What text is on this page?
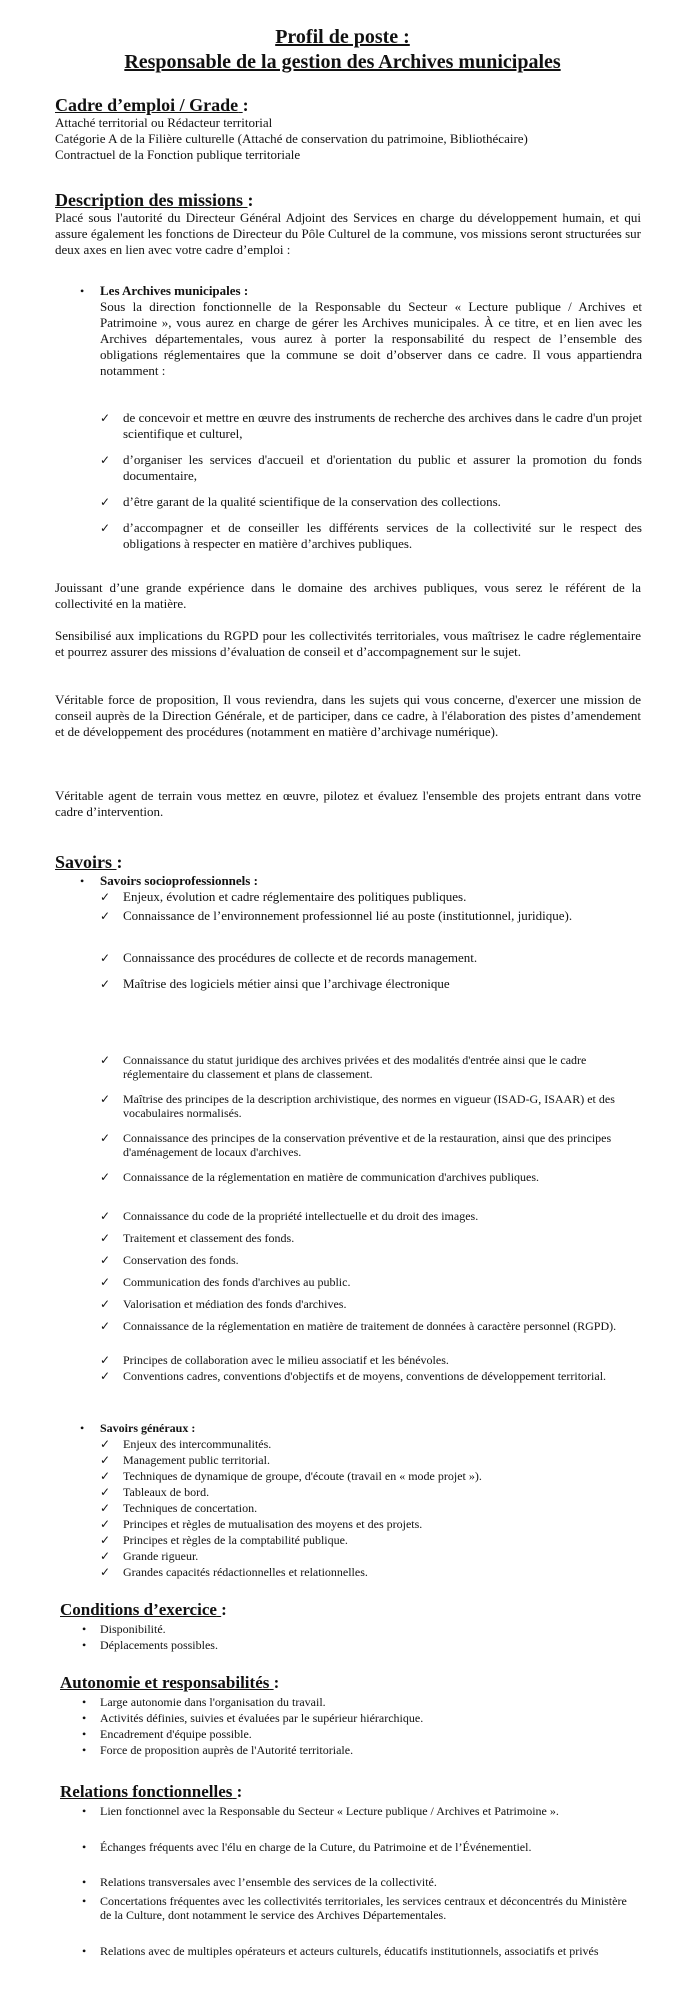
Profil de poste :
Responsable de la gestion des Archives municipales
Cadre d’emploi / Grade :
Attaché territorial ou Rédacteur territorial
Catégorie A de la Filière culturelle (Attaché de conservation du patrimoine, Bibliothécaire)
Contractuel de la Fonction publique territoriale
Description des missions :
Placé sous l'autorité du Directeur Général Adjoint des Services en charge du développement humain, et qui assure également les fonctions de Directeur du Pôle Culturel de la commune, vos missions seront structurées sur deux axes en lien avec votre cadre d’emploi :
• Les Archives municipales :
Sous la direction fonctionnelle de la Responsable du Secteur « Lecture publique / Archives et Patrimoine », vous aurez en charge de gérer les Archives municipales. À ce titre, et en lien avec les Archives départementales, vous aurez à porter la responsabilité du respect de l’ensemble des obligations réglementaires que la commune se doit d’observer dans ce cadre. Il vous appartiendra notamment :
✓ de concevoir et mettre en œuvre des instruments de recherche des archives dans le cadre d'un projet scientifique et culturel,
✓ d’organiser les services d'accueil et d'orientation du public et assurer la promotion du fonds documentaire,
✓ d’être garant de la qualité scientifique de la conservation des collections.
✓ d’accompagner et de conseiller les différents services de la collectivité sur le respect des obligations à respecter en matière d’archives publiques.
Jouissant d’une grande expérience dans le domaine des archives publiques, vous serez le référent de la collectivité en la matière.
Sensibilisé aux implications du RGPD pour les collectivités territoriales, vous maîtrisez le cadre réglementaire et pourrez assurer des missions d’évaluation de conseil et d’accompagnement sur le sujet.
Véritable force de proposition, Il vous reviendra, dans les sujets qui vous concerne, d'exercer une mission de conseil auprès de la Direction Générale, et de participer, dans ce cadre, à l'élaboration des pistes d’amendement et de développement des procédures (notamment en matière d’archivage numérique).
Véritable agent de terrain vous mettez en œuvre, pilotez et évaluez l'ensemble des projets entrant dans votre cadre d’intervention.
Savoirs :
• Savoirs socioprofessionnels :
✓ Enjeux, évolution et cadre réglementaire des politiques publiques.
✓ Connaissance de l’environnement professionnel lié au poste (institutionnel, juridique).
✓ Connaissance des procédures de collecte et de records management.
✓ Maîtrise des logiciels métier ainsi que l’archivage électronique
✓ Connaissance du statut juridique des archives privées et des modalités d'entrée ainsi que le cadre réglementaire du classement et plans de classement.
✓ Maîtrise des principes de la description archivistique, des normes en vigueur (ISAD-G, ISAAR) et des vocabulaires normalisés.
✓ Connaissance des principes de la conservation préventive et de la restauration, ainsi que des principes d'aménagement de locaux d'archives.
✓ Connaissance de la réglementation en matière de communication d'archives publiques.
✓ Connaissance du code de la propriété intellectuelle et du droit des images.
✓ Traitement et classement des fonds.
✓ Conservation des fonds.
✓ Communication des fonds d'archives au public.
✓ Valorisation et médiation des fonds d'archives.
✓ Connaissance de la réglementation en matière de traitement de données à caractère personnel (RGPD).
✓ Principes de collaboration avec le milieu associatif et les bénévoles.
✓ Conventions cadres, conventions d'objectifs et de moyens, conventions de développement territorial.
• Savoirs généraux :
✓ Enjeux des intercommunalités.
✓ Management public territorial.
✓ Techniques de dynamique de groupe, d'écoute (travail en « mode projet »).
✓ Tableaux de bord.
✓ Techniques de concertation.
✓ Principes et règles de mutualisation des moyens et des projets.
✓ Principes et règles de la comptabilité publique.
✓ Grande rigueur.
✓ Grandes capacités rédactionnelles et relationnelles.
Conditions d’exercice :
• Disponibilité.
• Déplacements possibles.
Autonomie et responsabilités :
• Large autonomie dans l'organisation du travail.
• Activités définies, suivies et évaluées par le supérieur hiérarchique.
• Encadrement d'équipe possible.
• Force de proposition auprès de l'Autorité territoriale.
Relations fonctionnelles :
• Lien fonctionnel avec la Responsable du Secteur « Lecture publique / Archives et Patrimoine ».
• Échanges fréquents avec l'élu en charge de la Cuture, du Patrimoine et de l’Événementiel.
• Relations transversales avec l’ensemble des services de la collectivité.
• Concertations fréquentes avec les collectivités territoriales, les services centraux et déconcentrés du Ministère de la Culture, dont notamment le service des Archives Départementales.
• Relations avec de multiples opérateurs et acteurs culturels, éducatifs institutionnels, associatifs et privés
